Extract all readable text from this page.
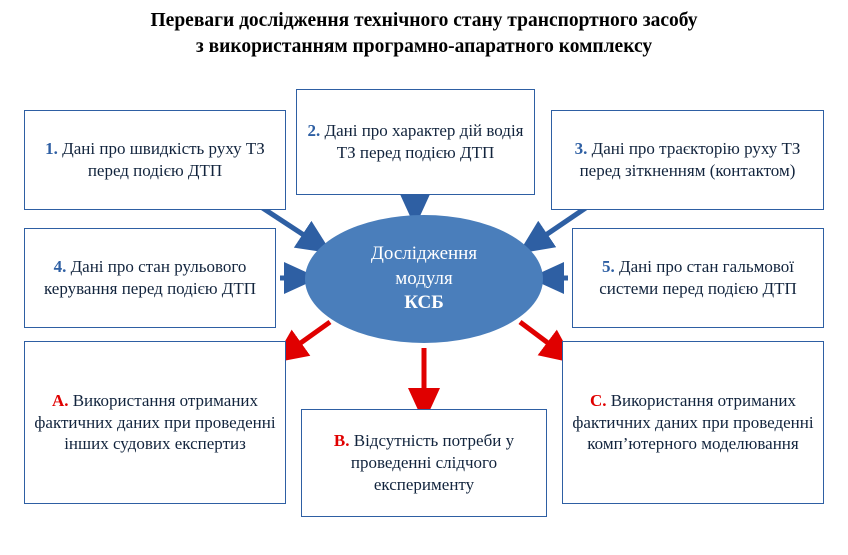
Переваги дослідження технічного стану транспортного засобу
з використанням програмно-апаратного комплексу
1. Дані про швидкість руху ТЗ перед подією ДТП
2. Дані про характер дій водія ТЗ перед подією ДТП	3. Дані про траєкторію руху ТЗ перед зіткненням (контактом)
4. Дані про стан рульового керування перед подією ДТП
5. Дані про стан гальмової системи перед подією ДТП
A. Використання отриманих фактичних даних при проведенні інших судових експертиз	B. Відсутність потреби у проведенні слідчого експерименту
C. Використання отриманих фактичних даних при проведенні комп’ютерного моделювання
Дослідження
модуля
КСБ
